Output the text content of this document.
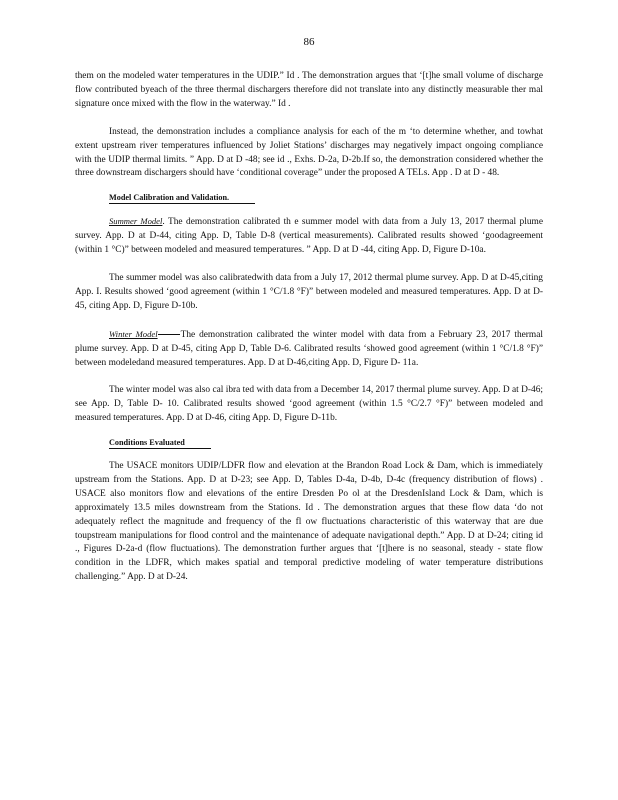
86

them on the modeled water temperatures in the UDIP.” Id . The demonstration argues that ‘[t]he small volume of discharge flow contributed byeach of the three thermal dischargers therefore did not translate into any distinctly measurable ther mal signature once mixed with the flow in the waterway.” Id .

Instead, the demonstration includes a compliance analysis for each of the m ‘to determine whether, and towhat extent upstream river temperatures influenced by Joliet Stations’ discharges may negatively impact ongoing compliance with the UDIP thermal limits. ” App. D at D -48; see id ., Exhs. D-2a, D-2b.If so, the demonstration considered whether the three downstream dischargers should have ‘conditional coverage” under the proposed A TELs. App . D at D - 48.

Model Calibration and Validation.

Summer Model. The demonstration calibrated th e summer model with data from a July 13, 2017 thermal plume survey. App. D at D-44, citing App. D, Table D-8 (vertical measurements). Calibrated results showed ‘goodagreement (within 1 °C)” between modeled and measured temperatures. ” App. D at D -44, citing App. D, Figure D-10a.

The summer model was also calibratedwith data from a July 17, 2012 thermal plume survey. App. D at D-45,citing App. I. Results showed ‘good agreement (within 1 °C/1.8 °F)” between modeled and measured temperatures. App. D at D-45, citing App. D, Figure D-10b.

Winter Model The demonstration calibrated the winter model with data from a February 23, 2017 thermal plume survey. App. D at D-45, citing App D, Table D-6. Calibrated results ‘showed good agreement (within 1 °C/1.8 °F)” between modeledand measured temperatures. App. D at D-46,citing App. D, Figure D- 11a.

The winter model was also cal ibra ted with data from a December 14, 2017 thermal plume survey. App. D at D-46; see App. D, Table D- 10. Calibrated results showed ‘good agreement (within 1.5 °C/2.7 °F)” between modeled and measured temperatures. App. D at D-46, citing App. D, Figure D-11b.

Conditions Evaluated

The USACE monitors UDIP/LDFR flow and elevation at the Brandon Road Lock & Dam, which is immediately upstream from the Stations. App. D at D-23; see App. D, Tables D-4a, D-4b, D-4c (frequency distribution of flows) . USACE also monitors flow and elevations of the entire Dresden Po ol at the DresdenIsland Lock & Dam, which is approximately 13.5 miles downstream from the Stations. Id . The demonstration argues that these flow data ‘do not adequately reflect the magnitude and frequency of the fl ow fluctuations characteristic of this waterway that are due toupstream manipulations for flood control and the maintenance of adequate navigational depth.” App. D at D-24; citing id ., Figures D-2a-d (flow fluctuations). The demonstration further argues that ‘[t]here is no seasonal, steady - state flow condition in the LDFR, which makes spatial and temporal predictive modeling of water temperature distributions challenging.” App. D at D-24.
